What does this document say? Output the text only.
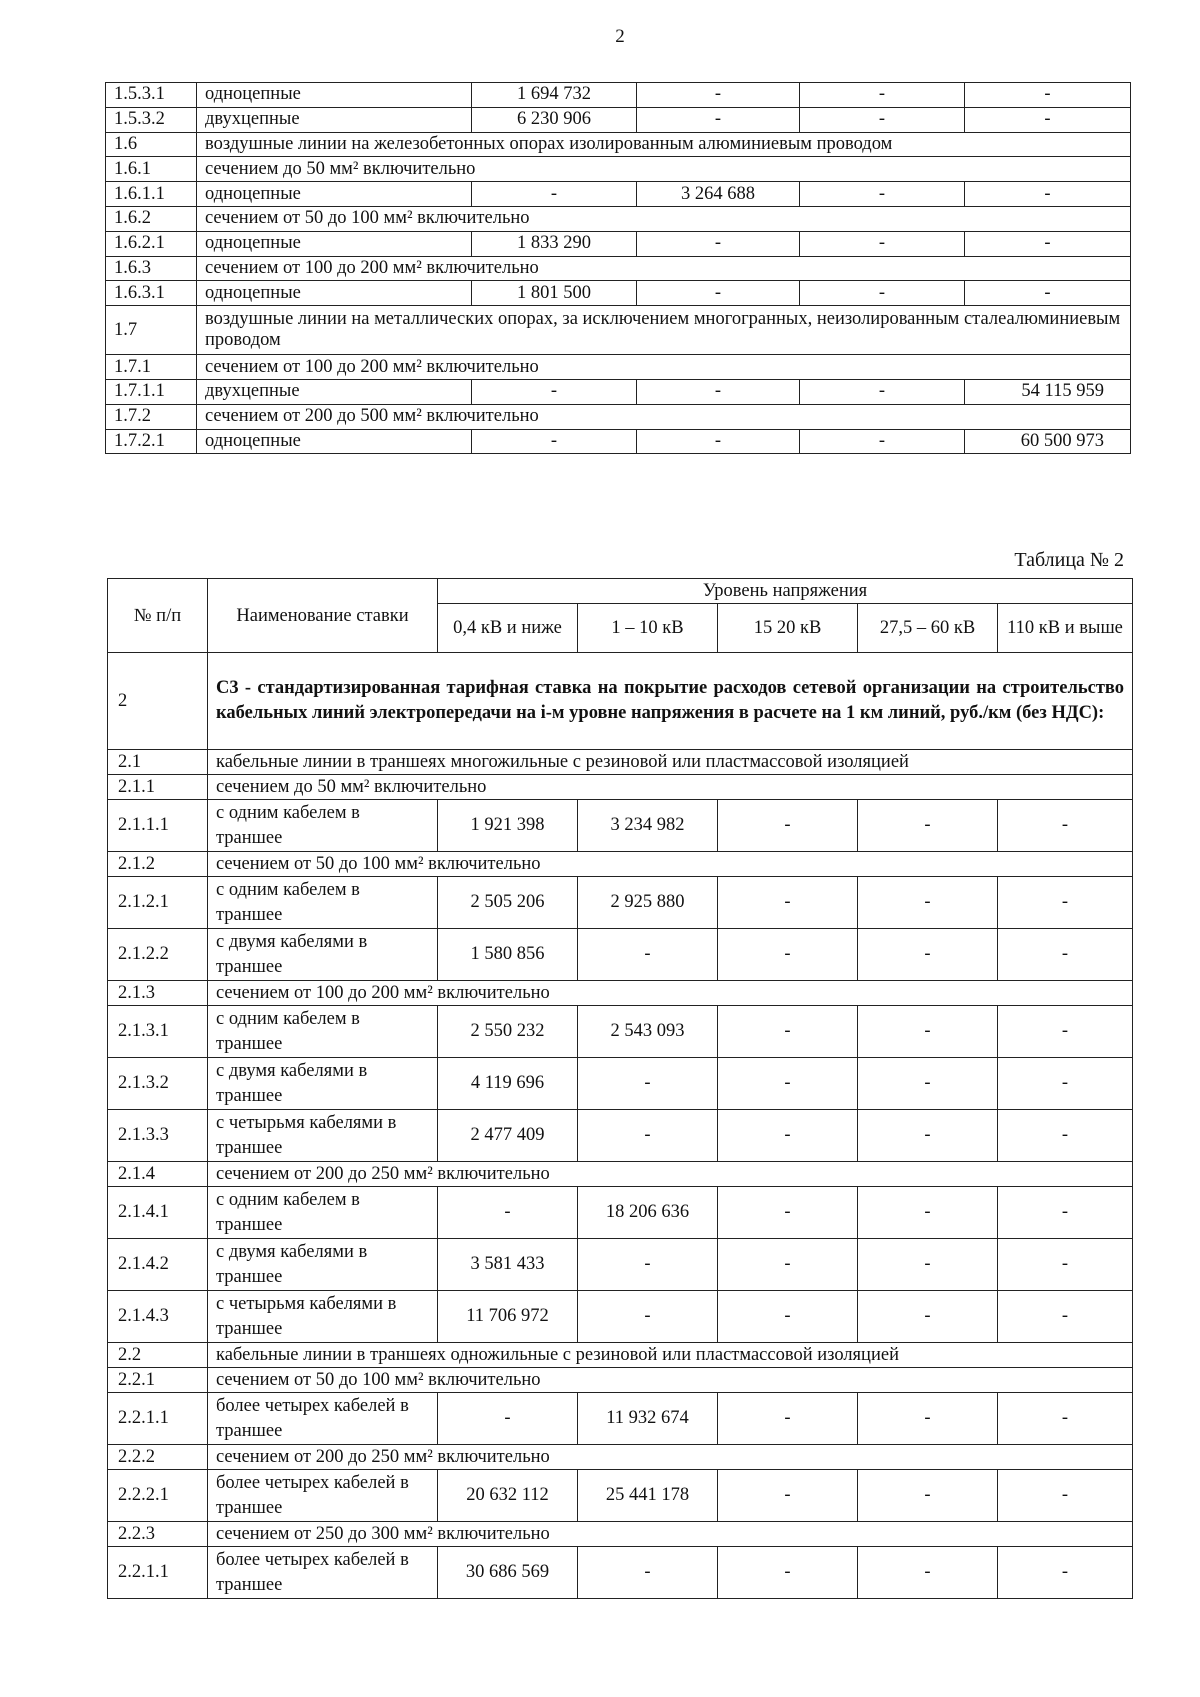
2
1.5.3.1	одноцепные	1 694 732	-	-	-
1.5.3.2	двухцепные	6 230 906	-	-	-
1.6	воздушные линии на железобетонных опорах изолированным алюминиевым проводом				
1.6.1	сечением до 50 мм² включительно				
1.6.1.1	одноцепные	-	3 264 688	-	-
1.6.2	сечением от 50 до 100 мм² включительно				
1.6.2.1	одноцепные	1 833 290	-	-	-
1.6.3	сечением от 100 до 200 мм² включительно				
1.6.3.1	одноцепные	1 801 500	-	-	-
1.7	воздушные линии на металлических опорах, за исключением многогранных, неизолированным сталеалюминиевым проводом				
1.7.1	сечением от 100 до 200 мм² включительно				
1.7.1.1	двухцепные	-	-	-	54 115 959
1.7.2	сечением от 200 до 500 мм² включительно				
1.7.2.1	одноцепные	-	-	-	60 500 973
Таблица № 2
№ п/п	Наименование ставки	Уровень напряжения				
		0,4 кВ и ниже	1 – 10 кВ	15 20 кВ	27,5 – 60 кВ	110 кВ и выше
2	С3 - стандартизированная тарифная ставка на покрытие расходов сетевой организации на строительство кабельных линий электропередачи на i-м уровне напряжения в расчете на 1 км линий, руб./км (без НДС):					
2.1	кабельные линии в траншеях многожильные с резиновой или пластмассовой изоляцией					
2.1.1	сечением до 50 мм² включительно					
2.1.1.1	с одним кабелем в траншее	1 921 398	3 234 982	-	-	-
2.1.2	сечением от 50 до 100 мм² включительно					
2.1.2.1	с одним кабелем в траншее	2 505 206	2 925 880	-	-	-
2.1.2.2	с двумя кабелями в траншее	1 580 856	-	-	-	-
2.1.3	сечением от 100 до 200 мм² включительно					
2.1.3.1	с одним кабелем в траншее	2 550 232	2 543 093	-	-	-
2.1.3.2	с двумя кабелями в траншее	4 119 696	-	-	-	-
2.1.3.3	с четырьмя кабелями в траншее	2 477 409	-	-	-	-
2.1.4	сечением от 200 до 250 мм² включительно					
2.1.4.1	с одним кабелем в траншее	-	18 206 636	-	-	-
2.1.4.2	с двумя кабелями в траншее	3 581 433	-	-	-	-
2.1.4.3	с четырьмя кабелями в траншее	11 706 972	-	-	-	-
2.2	кабельные линии в траншеях одножильные с резиновой или пластмассовой изоляцией					
2.2.1	сечением от 50 до 100 мм² включительно					
2.2.1.1	более четырех кабелей в траншее	-	11 932 674	-	-	-
2.2.2	сечением от 200 до 250 мм² включительно					
2.2.2.1	более четырех кабелей в траншее	20 632 112	25 441 178	-	-	-
2.2.3	сечением от 250 до 300 мм² включительно					
2.2.1.1	более четырех кабелей в траншее	30 686 569	-	-	-	-
